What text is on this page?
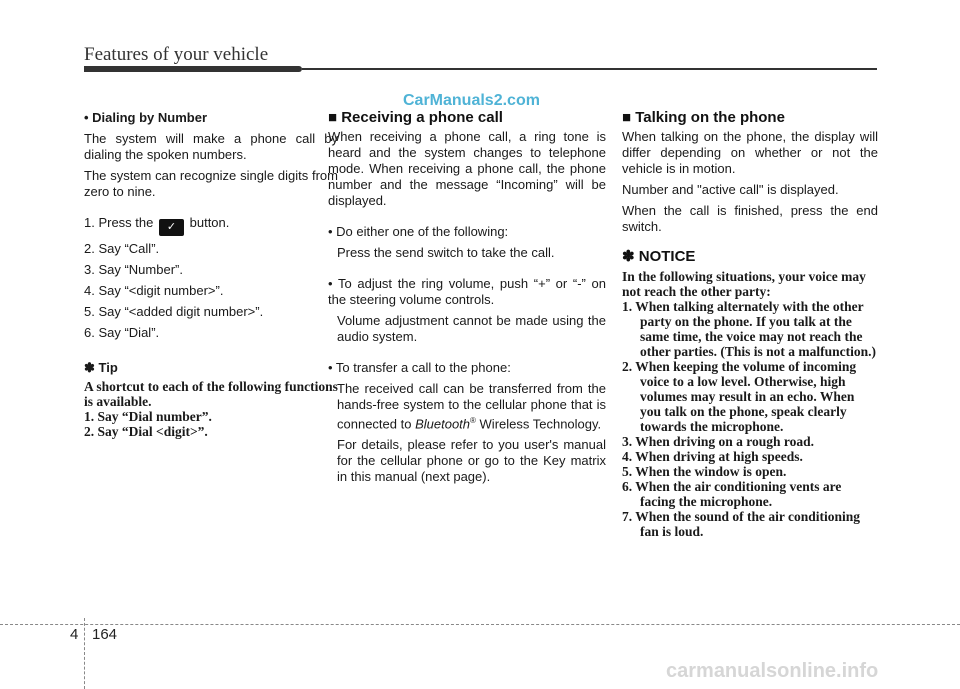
Features of your vehicle
CarManuals2.com

• Dialing by Number

The system will make a phone call by dialing the spoken numbers.

The system can recognize single digits from zero to nine.

1. Press the ✓ button.

2. Say “Call”.

3. Say “Number”.

4. Say “<digit number>”.

5. Say “<added digit number>”.

6. Say “Dial”.

✽ Tip

A shortcut to each of the following functions is available.

1. Say “Dial number”.

2. Say “Dial <digit>”.

■ Receiving a phone call

When receiving a phone call, a ring tone is heard and the system changes to telephone mode. When receiving a phone call, the phone number and the message “Incoming” will be displayed.

• Do either one of the following:

Press the send switch to take the call.

• To adjust the ring volume, push “+” or “-” on the steering volume controls.

Volume adjustment cannot be made using the audio system.

• To transfer a call to the phone:

The received call can be transferred from the hands-free system to the cellular phone that is connected to Bluetooth® Wireless Technology.

For details, please refer to you user's manual for the cellular phone or go to the Key matrix in this manual (next page).

■ Talking on the phone

When talking on the phone, the display will differ depending on whether or not the vehicle is in motion.

Number and "active call" is displayed.

When the call is finished, press the end switch.

✽ NOTICE

In the following situations, your voice may not reach the other party:

1. When talking alternately with the other party on the phone. If you talk at the same time, the voice may not reach the other parties. (This is not a malfunction.)

2. When keeping the volume of incoming voice to a low level. Otherwise, high volumes may result in an echo. When you talk on the phone, speak clearly towards the microphone.

3. When driving on a rough road.

4. When driving at high speeds.

5. When the window is open.

6. When the air conditioning vents are facing the microphone.

7. When the sound of the air conditioning fan is loud.

4 164
carmanualsonline.info
